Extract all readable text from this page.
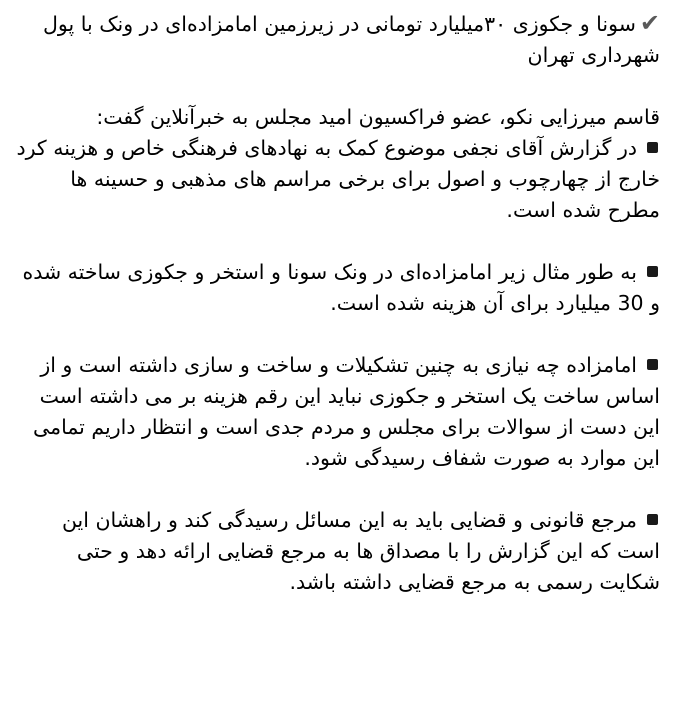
✔سونا و جکوزی ۳۰میلیارد تومانی در زیرزمین امامزاده‌ای در ونک با پول شهرداری تهران

قاسم میرزایی نکو، عضو فراکسیون امید مجلس به خبرآنلاین گفت:
در گزارش آقای نجفی موضوع کمک به نهادهای فرهنگی خاص و هزینه کرد خارج از چهارچوب و اصول برای برخی مراسم های مذهبی و حسینه ها مطرح شده است.

به طور مثال زیر امامزاده‌ای در ونک سونا و استخر و جکوزی ساخته شده و 30 میلیارد برای آن هزینه شده است.

امامزاده چه نیازی به چنین تشکیلات و ساخت و سازی داشته است و از اساس ساخت یک استخر و جکوزی نباید این رقم هزینه بر می داشته است این دست از سوالات برای مجلس و مردم جدی است و انتظار داریم تمامی این موارد به صورت شفاف رسیدگی شود.

مرجع قانونی و قضایی باید به این مسائل رسیدگی کند و راهشان این است که این گزارش را با مصداق ها به مرجع قضایی ارائه دهد و حتی شکایت رسمی به مرجع قضایی داشته باشد.
